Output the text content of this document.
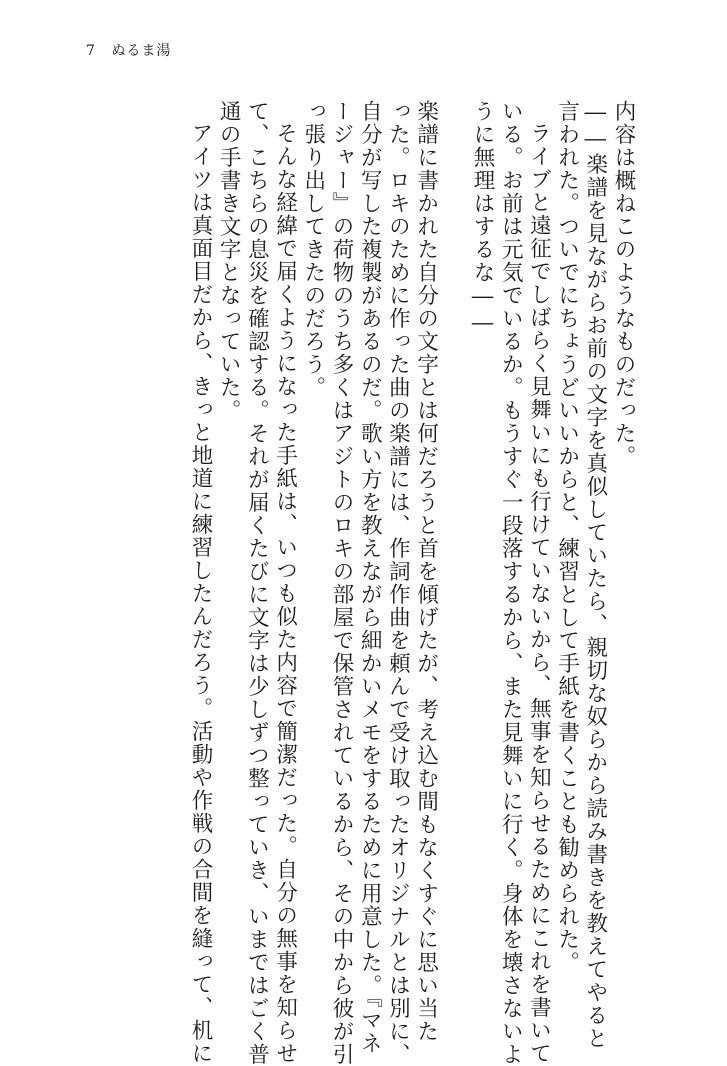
7 ぬるま湯
内容は概ねこのようなものだった。
――楽譜を見ながらお前の文字を真似していたら、親切な奴らから読み書きを教えてやると
言われた。ついでにちょうどいいからと、練習として手紙を書くことも勧められた。
ライブと遠征でしばらく見舞いにも行けていないから、無事を知らせるためにこれを書いて
いる。お前は元気でいるか。もうすぐ一段落するから、また見舞いに行く。身体を壊さないよ
うに無理はするな――
楽譜に書かれた自分の文字とは何だろうと首を傾げたが、考え込む間もなくすぐに思い当た
った。ロキのために作った曲の楽譜には、作詞作曲を頼んで受け取ったオリジナルとは別に、
自分が写した複製があるのだ。歌い方を教えながら細かいメモをするために用意した。『マネ
ージャー』の荷物のうち多くはアジトのロキの部屋で保管されているから、その中から彼が引
っ張り出してきたのだろう。
そんな経緯で届くようになった手紙は、いつも似た内容で簡潔だった。自分の無事を知らせ
て、こちらの息災を確認する。それが届くたびに文字は少しずつ整っていき、いまではごく普
通の手書き文字となっていた。
アイツは真面目だから、きっと地道に練習したんだろう。活動や作戦の合間を縫って、机に
